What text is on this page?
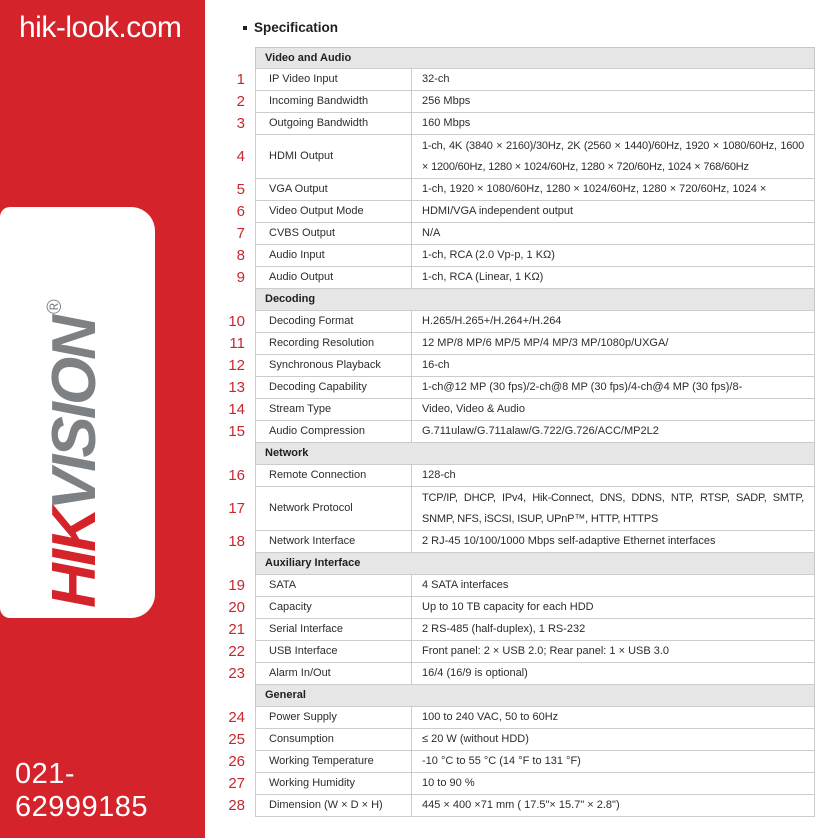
hik-look.com
HIKVISION®
021-62999185
Specification
Video and Audio
1	IP Video Input	32-ch
2	Incoming Bandwidth	256 Mbps
3	Outgoing Bandwidth	160 Mbps
4	HDMI Output
1-ch, 4K (3840 × 2160)/30Hz, 2K (2560 × 1440)/60Hz, 1920 × 1080/60Hz, 1600 × 1200/60Hz, 1280 × 1024/60Hz, 1280 × 720/60Hz, 1024 × 768/60Hz
5	VGA Output	1-ch, 1920 × 1080/60Hz, 1280 × 1024/60Hz, 1280 × 720/60Hz, 1024 ×
6	Video Output Mode	HDMI/VGA independent output
7	CVBS Output	N/A
8	Audio Input	1-ch, RCA (2.0 Vp-p, 1 KΩ)
9	Audio Output	1-ch, RCA (Linear, 1 KΩ)
Decoding
10	Decoding Format	H.265/H.265+/H.264+/H.264
11	Recording Resolution	12 MP/8 MP/6 MP/5 MP/4 MP/3 MP/1080p/UXGA/
12	Synchronous Playback	16-ch
13	Decoding Capability	1-ch@12 MP (30 fps)/2-ch@8 MP (30 fps)/4-ch@4 MP (30 fps)/8-
14	Stream Type	Video, Video & Audio
15	Audio Compression	G.711ulaw/G.711alaw/G.722/G.726/ACC/MP2L2
Network
16	Remote Connection	128-ch
17	Network Protocol
TCP/IP, DHCP, IPv4, Hik-Connect, DNS, DDNS, NTP, RTSP, SADP, SMTP, SNMP, NFS, iSCSI, ISUP, UPnP™, HTTP, HTTPS
18	Network Interface	2 RJ-45 10/100/1000 Mbps self-adaptive Ethernet interfaces
Auxiliary Interface
19	SATA	4 SATA interfaces
20	Capacity	Up to 10 TB capacity for each HDD
21	Serial Interface	2 RS-485 (half-duplex), 1 RS-232
22	USB Interface	Front panel: 2 × USB 2.0; Rear panel: 1 × USB 3.0
23	Alarm In/Out	16/4 (16/9 is optional)
General
24	Power Supply	100 to 240 VAC, 50 to 60Hz
25	Consumption	≤ 20 W (without HDD)
26	Working Temperature	-10 °C to 55 °C (14 °F to 131 °F)
27	Working Humidity	10 to 90 %
28	Dimension (W × D × H)	445 × 400 ×71 mm ( 17.5"× 15.7" × 2.8")
